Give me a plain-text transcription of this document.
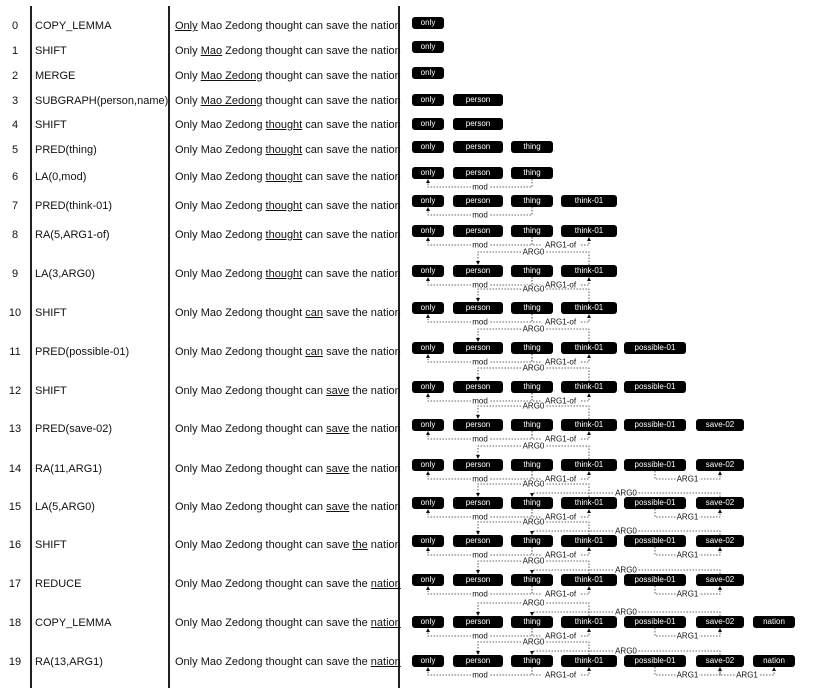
0	COPY_LEMMA	Only Mao Zedong thought can save the nation	only
1	SHIFT	Only Mao Zedong thought can save the nation	only
2	MERGE	Only Mao Zedong thought can save the nation	only
3	SUBGRAPH(person,name) Only Mao Zedong thought can save the nation	only	person
4	SHIFT	Only Mao Zedong thought can save the nation	only	person
5	PRED(thing)	Only Mao Zedong thought can save the nation	only	person	thing
6	LA(0,mod)	Only Mao Zedong thought can save the nation	only	person	thing
7	PRED(think-01)	Only Mao Zedong thought can save the nation	only	person	thing	think-01
8	RA(5,ARG1-of)	Only Mao Zedong thought can save the nation	only	person	thing	think-01
9	LA(3,ARG0)	Only Mao Zedong thought can save the nation	only	person	thing	think-01
10 SHIFT	Only Mao Zedong thought can save the nation	only	person	thing	think-01
11 PRED(possible-01)	Only Mao Zedong thought can save the nation	only	person	thing	think-01	possible-01
12 SHIFT	Only Mao Zedong thought can save the nation	only	person	thing	think-01	possible-01
13 PRED(save-02)	Only Mao Zedong thought can save the nation	only	person	thing	think-01	possible-01	save-02
14 RA(11,ARG1)	Only Mao Zedong thought can save the nation	only	person	thing	think-01	possible-01	save-02
15 LA(5,ARG0)	Only Mao Zedong thought can save the nation	only	person	thing	think-01	possible-01	save-02
16 SHIFT	Only Mao Zedong thought can save the nation	only	person	thing	think-01	possible-01	save-02
17 REDUCE	Only Mao Zedong thought can save the nation	only	person	thing	think-01	possible-01	save-02
18 COPY_LEMMA	Only Mao Zedong thought can save the nation	only	person	thing	think-01	possible-01	save-02	nation
19 RA(13,ARG1)	Only Mao Zedong thought can save the nation	only	person	thing	think-01	possible-01	save-02	nation
mod
mod
mod	ARG1-of
mod	ARG1-of
ARG0
mod	ARG1-of
ARG0
mod	ARG1-of
ARG0
mod	ARG1-of
ARG0
mod	ARG1-of
ARG0
mod	ARG1-of	ARG1
ARG0
mod	ARG1-of	ARG1
ARG0
ARG0
mod	ARG1-of	ARG1
ARG0
ARG0
mod	ARG1-of	ARG1
ARG0
ARG0
mod	ARG1-of	ARG1
ARG0
ARG0
mod	ARG1-of	ARG1	ARG1
ARG0
ARG0
